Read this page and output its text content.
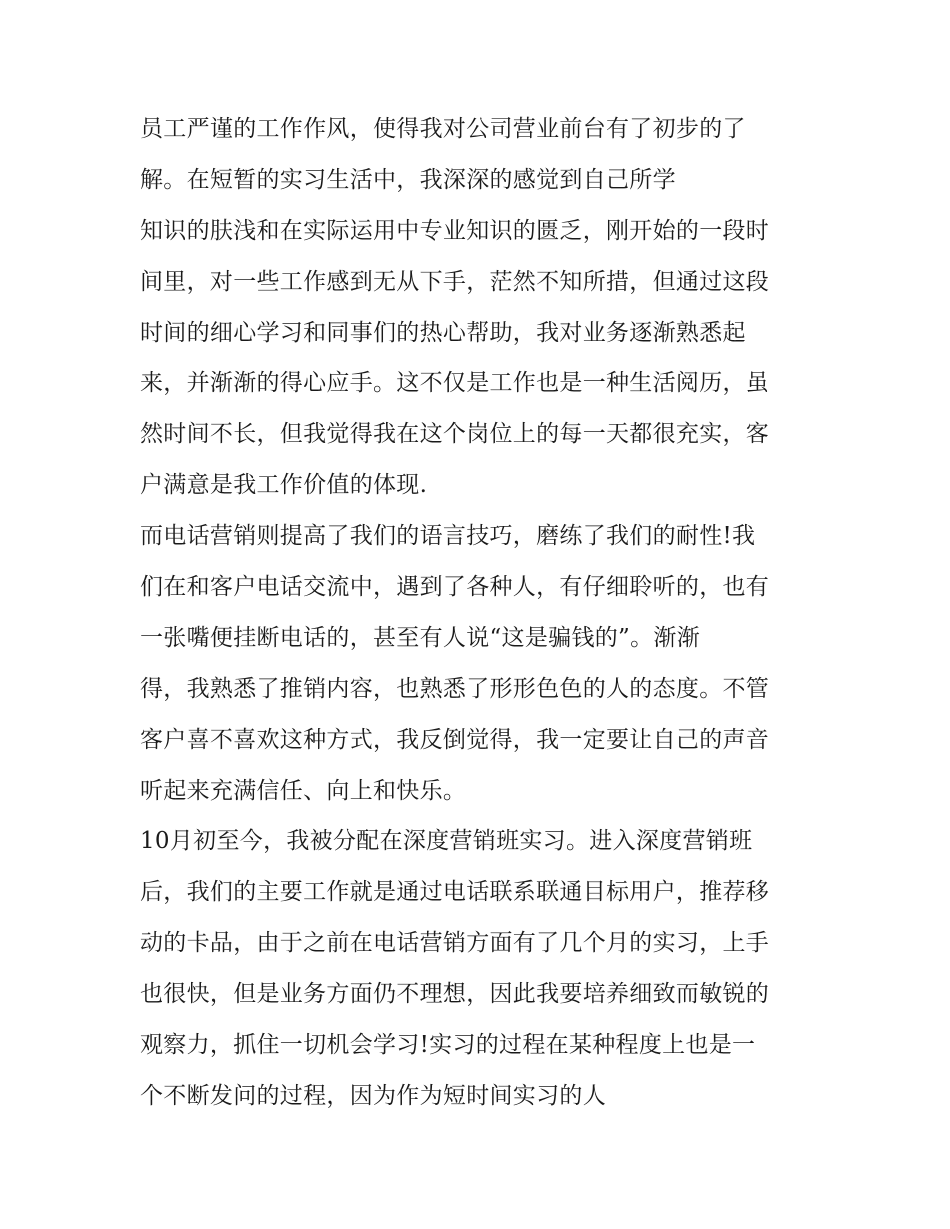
员工严谨的工作作风，使得我对公司营业前台有了初步的了
解。在短暂的实习生活中，我深深的感觉到自己所学
知识的肤浅和在实际运用中专业知识的匮乏，刚开始的一段时
间里，对一些工作感到无从下手，茫然不知所措，但通过这段
时间的细心学习和同事们的热心帮助，我对业务逐渐熟悉起
来，并渐渐的得心应手。这不仅是工作也是一种生活阅历，虽
然时间不长，但我觉得我在这个岗位上的每一天都很充实，客
户满意是我工作价值的体现.
而电话营销则提高了我们的语言技巧，磨练了我们的耐性!我
们在和客户电话交流中，遇到了各种人，有仔细聆听的，也有
一张嘴便挂断电话的，甚至有人说“这是骗钱的”。渐渐
得，我熟悉了推销内容，也熟悉了形形色色的人的态度。不管
客户喜不喜欢这种方式，我反倒觉得，我一定要让自己的声音
听起来充满信任、向上和快乐。
10月初至今，我被分配在深度营销班实习。进入深度营销班
后，我们的主要工作就是通过电话联系联通目标用户，推荐移
动的卡品，由于之前在电话营销方面有了几个月的实习，上手
也很快，但是业务方面仍不理想，因此我要培养细致而敏锐的
观察力，抓住一切机会学习!实习的过程在某种程度上也是一
个不断发问的过程，因为作为短时间实习的人
